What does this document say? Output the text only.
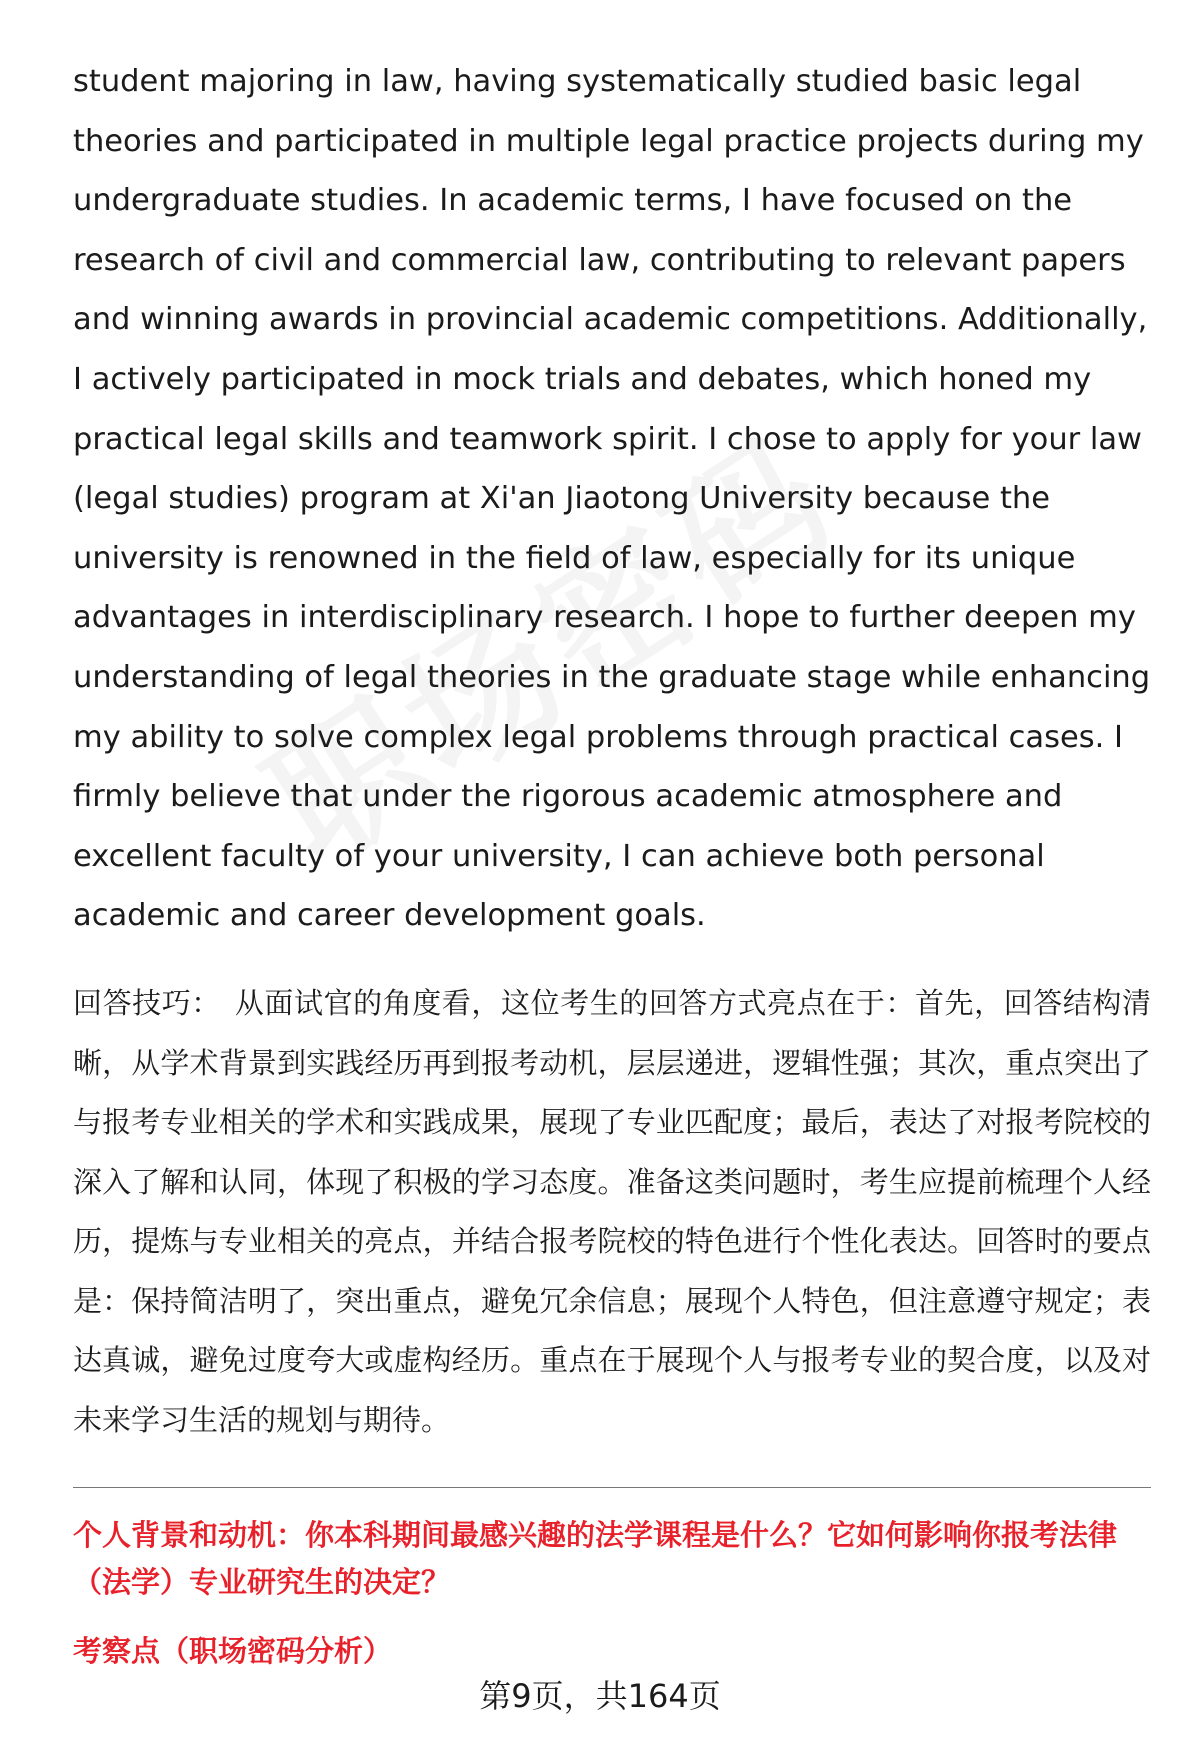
student majoring in law, having systematically studied basic legal theories and participated in multiple legal practice projects during my undergraduate studies. In academic terms, I have focused on the research of civil and commercial law, contributing to relevant papers and winning awards in provincial academic competitions. Additionally, I actively participated in mock trials and debates, which honed my practical legal skills and teamwork spirit. I chose to apply for your law (legal studies) program at Xi'an Jiaotong University because the university is renowned in the field of law, especially for its unique advantages in interdisciplinary research. I hope to further deepen my understanding of legal theories in the graduate stage while enhancing my ability to solve complex legal problems through practical cases. I firmly believe that under the rigorous academic atmosphere and excellent faculty of your university, I can achieve both personal academic and career development goals.

回答技巧： 从面试官的角度看，这位考生的回答方式亮点在于：首先，回答结构清晰，从学术背景到实践经历再到报考动机，层层递进，逻辑性强；其次，重点突出了与报考专业相关的学术和实践成果，展现了专业匹配度；最后，表达了对报考院校的深入了解和认同，体现了积极的学习态度。准备这类问题时，考生应提前梳理个人经历，提炼与专业相关的亮点，并结合报考院校的特色进行个性化表达。回答时的要点是：保持简洁明了，突出重点，避免冗余信息；展现个人特色，但注意遵守规定；表达真诚，避免过度夸大或虚构经历。重点在于展现个人与报考专业的契合度，以及对未来学习生活的规划与期待。

个人背景和动机：你本科期间最感兴趣的法学课程是什么？它如何影响你报考法律（法学）专业研究生的决定？

考察点（职场密码分析）

第9页，共164页
